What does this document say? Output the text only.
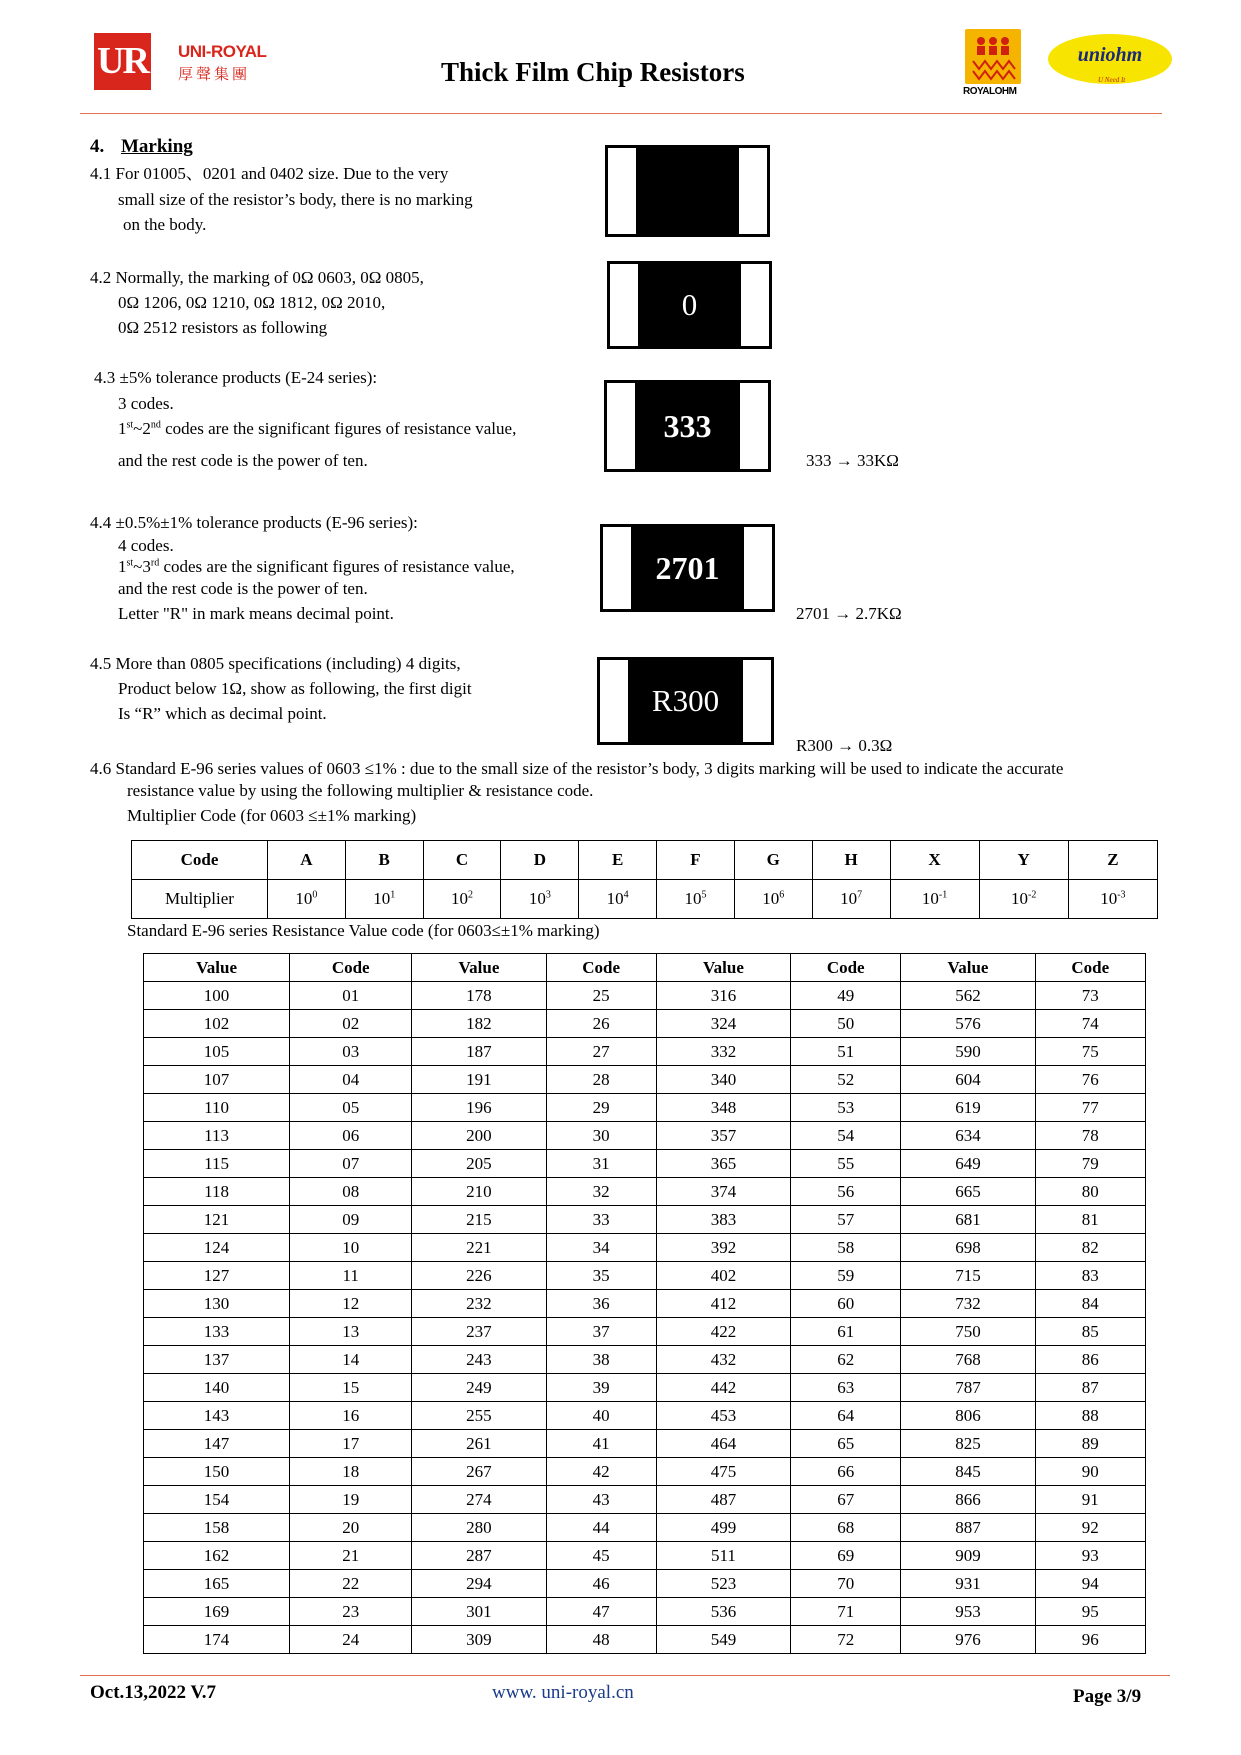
UR UNI-ROYAL
厚聲集團	Thick Film Chip Resistors
ROYALOHM
uniohm
U Need It
4. Marking
4.1 For 01005、0201 and 0402 size. Due to the very
small size of the resistor’s body, there is no marking
on the body.
4.2 Normally, the marking of 0Ω 0603, 0Ω 0805,
0Ω 1206, 0Ω 1210, 0Ω 1812, 0Ω 2010,
0Ω 2512 resistors as following
0
4.3 ±5% tolerance products (E-24 series):
3 codes.
1st~2nd codes are the significant figures of resistance value,
and the rest code is the power of ten.
333
333 → 33KΩ
4.4 ±0.5%±1% tolerance products (E-96 series):
4 codes.
1st~3rd codes are the significant figures of resistance value,
and the rest code is the power of ten.
Letter "R" in mark means decimal point.
2701
2701 → 2.7KΩ
4.5 More than 0805 specifications (including) 4 digits,
Product below 1Ω, show as following, the first digit
Is “R” which as decimal point.	R300
R300 → 0.3Ω
4.6 Standard E-96 series values of 0603 ≤1% : due to the small size of the resistor’s body, 3 digits marking will be used to indicate the accurate
resistance value by using the following multiplier & resistance code.
Multiplier Code (for 0603 ≤±1% marking)
Code	A	B	C	D	E	F	G	H	X	Y	Z
Multiplier	$10^0$	$10^1$	$10^2$	$10^3$	$10^4$	$10^5$	$10^6$	$10^7$	$10^{-1}$	$10^{-2}$	$10^{-3}$
Standard E-96 series Resistance Value code (for 0603≤±1% marking)
Value	Code	Value	Code	Value	Code	Value	Code
100	01	178	25	316	49	562	73
102	02	182	26	324	50	576	74
105	03	187	27	332	51	590	75
107	04	191	28	340	52	604	76
110	05	196	29	348	53	619	77
113	06	200	30	357	54	634	78
115	07	205	31	365	55	649	79
118	08	210	32	374	56	665	80
121	09	215	33	383	57	681	81
124	10	221	34	392	58	698	82
127	11	226	35	402	59	715	83
130	12	232	36	412	60	732	84
133	13	237	37	422	61	750	85
137	14	243	38	432	62	768	86
140	15	249	39	442	63	787	87
143	16	255	40	453	64	806	88
147	17	261	41	464	65	825	89
150	18	267	42	475	66	845	90
154	19	274	43	487	67	866	91
158	20	280	44	499	68	887	92
162	21	287	45	511	69	909	93
165	22	294	46	523	70	931	94
169	23	301	47	536	71	953	95
174	24	309	48	549	72	976	96
Oct.13,2022 V.7	www. uni-royal.cn	Page 3/9
